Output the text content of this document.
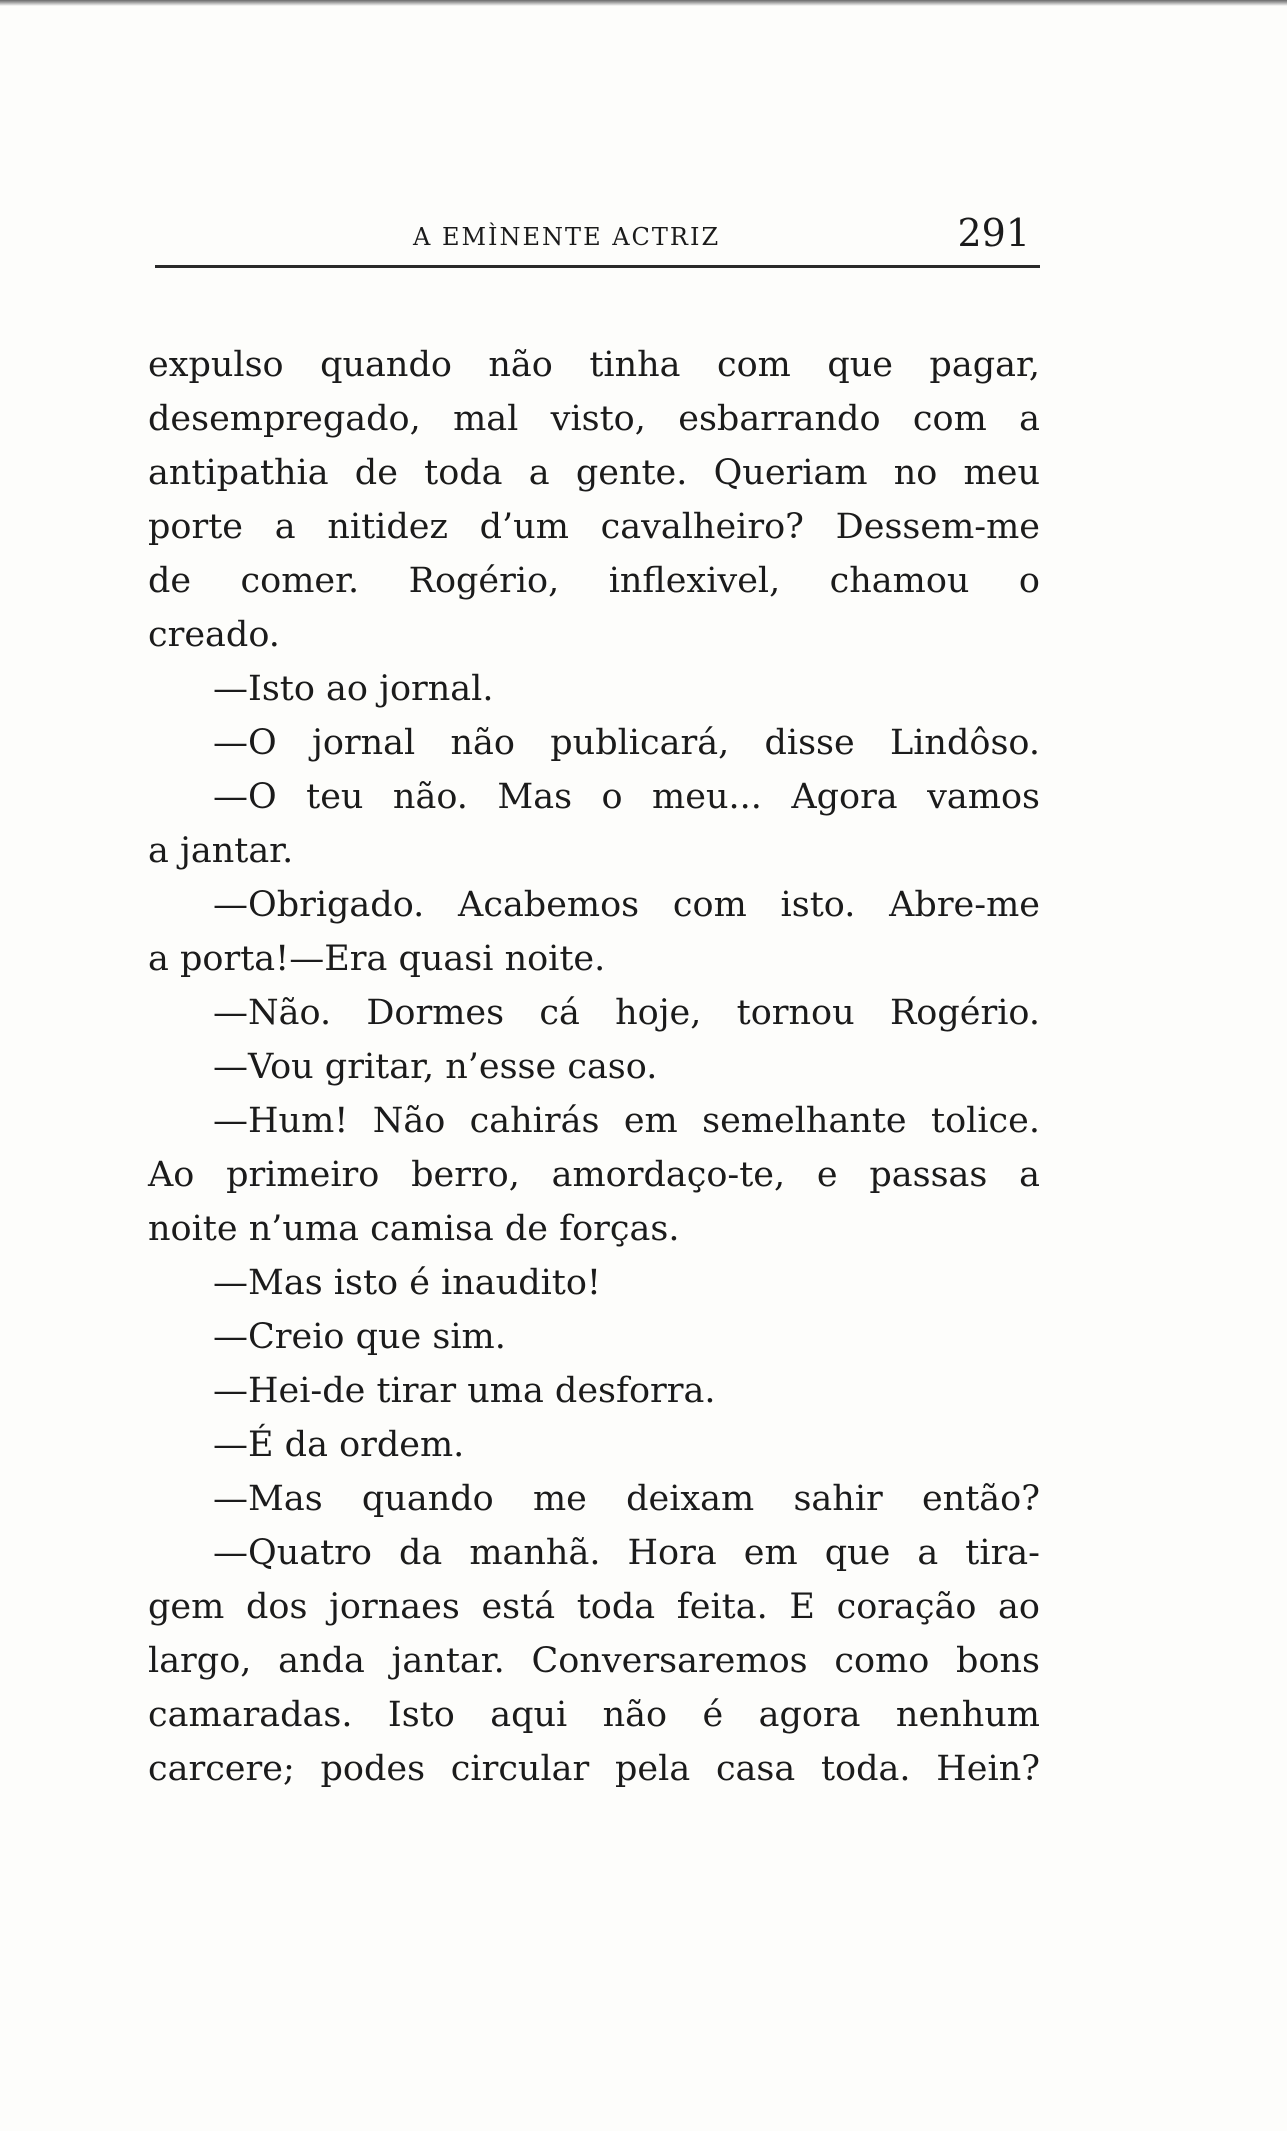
A EMÌNENTE ACTRIZ	291
expulso quando não tinha com que pagar,
desempregado, mal visto, esbarrando com a
antipathia de toda a gente. Queriam no meu
porte a nitidez d’um cavalheiro? Dessem-me
de comer. Rogério, inflexivel, chamou o
creado.
—Isto ao jornal.
—O jornal não publicará, disse Lindôso.
—O teu não. Mas o meu... Agora vamos
a jantar.
—Obrigado. Acabemos com isto. Abre-me
a porta!—Era quasi noite.
—Não. Dormes cá hoje, tornou Rogério.
—Vou gritar, n’esse caso.
—Hum! Não cahirás em semelhante tolice.
Ao primeiro berro, amordaço-te, e passas a
noite n’uma camisa de forças.
—Mas isto é inaudito!
—Creio que sim.
—Hei-de tirar uma desforra.
—É da ordem.
—Mas quando me deixam sahir então?
—Quatro da manhã. Hora em que a tira-
gem dos jornaes está toda feita. E coração ao
largo, anda jantar. Conversaremos como bons
camaradas. Isto aqui não é agora nenhum
carcere; podes circular pela casa toda. Hein?
